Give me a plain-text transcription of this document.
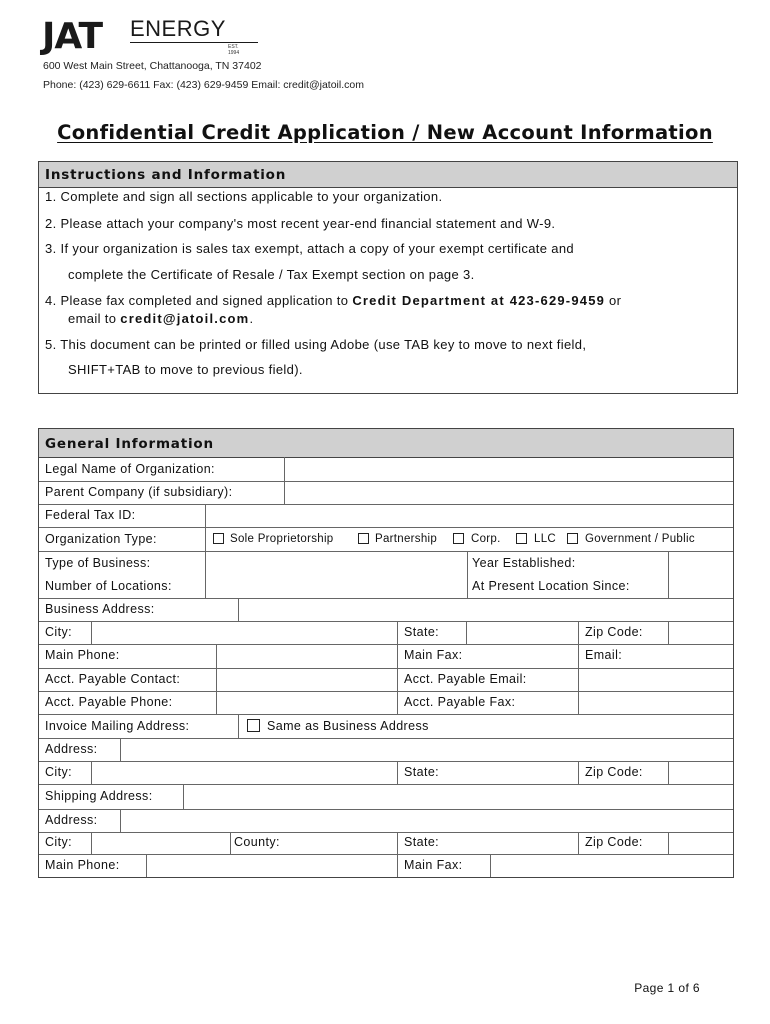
JAT ENERGY
EST. 1994
600 West Main Street, Chattanooga, TN 37402
Phone: (423) 629-6611 Fax: (423) 629-9459 Email: credit@jatoil.com
Confidential Credit Application / New Account Information
Instructions and Information
1. Complete and sign all sections applicable to your organization.
2. Please attach your company's most recent year-end financial statement and W-9.
3. If your organization is sales tax exempt, attach a copy of your exempt certificate and
complete the Certificate of Resale / Tax Exempt section on page 3.
4. Please fax completed and signed application to Credit Department at 423-629-9459 or
email to credit@jatoil.com.
5. This document can be printed or filled using Adobe (use TAB key to move to next field,
SHIFT+TAB to move to previous field).
General Information
Legal Name of Organization:
Parent Company (if subsidiary):
Federal Tax ID:
Organization Type:	Sole Proprietorship	Partnership	Corp.	LLC	Government / Public
Type of Business:	Year Established:
Number of Locations:	At Present Location Since:
Business Address:
City:	State:	Zip Code:
Main Phone:	Main Fax:	Email:
Acct. Payable Contact:	Acct. Payable Email:
Acct. Payable Phone:	Acct. Payable Fax:
Invoice Mailing Address:	Same as Business Address
Address:
City:	State:	Zip Code:
Shipping Address:
Address:
City:	County:	State:	Zip Code:
Main Phone:	Main Fax:
Page 1 of 6
